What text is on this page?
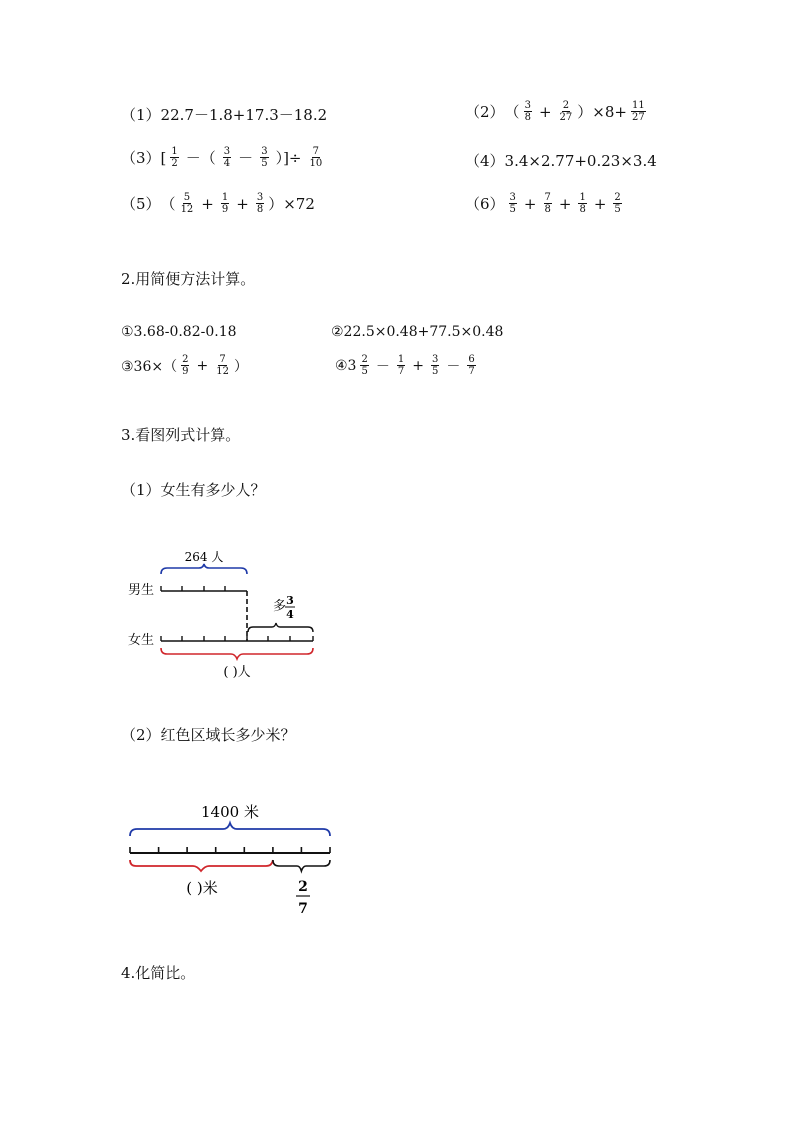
（1） 22.7－1.8+17.3－18.2	（2） （ $\frac{3}{8} + \frac{2}{27}$ ） $\times 8+ \frac{11}{27}$
（3） [ $\frac{1}{2}$ －（ $\frac{3}{4} - \frac{3}{5}$ ）]÷ $\frac{7}{10}$	（4） 3.4×2.77+0.23×3.4
（5） （ $\frac{5}{12} + \frac{1}{9} + \frac{3}{8} )\times 72$	$(6) \frac{3}{5} + \frac{7}{8} + \frac{1}{8} + \frac{2}{5}$
2.用简便方法计算。
①3.68-0.82-0.18	②22.5×0.48+77.5×0.48
③36×（ $\frac{2}{9} + \frac{7}{12}$ ）	④3 $\frac{2}{5} - \frac{1}{7} + \frac{3}{5} - \frac{6}{7}$
3.看图列式计算。
（1）女生有多少人？
264 人
男生
多 3
4
女生
( )人
（2）红色区域长多少米？
1400 米
( )米	2
7
4.化简比。
